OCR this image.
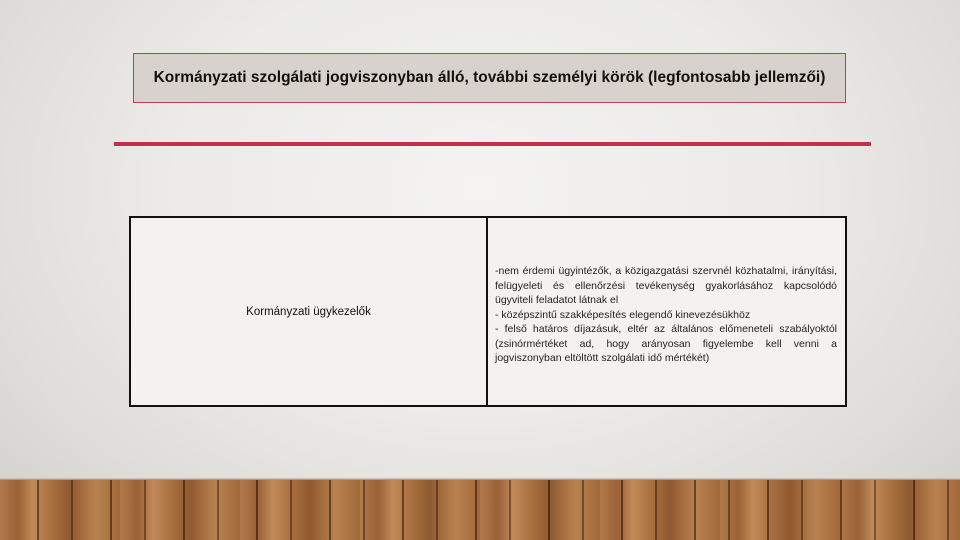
Kormányzati szolgálati jogviszonyban álló, további személyi körök (legfontosabb jellemzői)
Kormányzati ügykezelők

-nem érdemi ügyintézők, a közigazgatási szervnél közhatalmi, irányítási, felügyeleti és ellenőrzési tevékenység gyakorlásához kapcsolódó ügyviteli feladatot látnak el

- középszintű szakképesítés elegendő kinevezésükhöz

- felső határos díjazásuk, eltér az általános előmeneteli szabályoktól (zsinórmértéket ad, hogy arányosan figyelembe kell venni a jogviszonyban eltöltött szolgálati idő mértékét)
